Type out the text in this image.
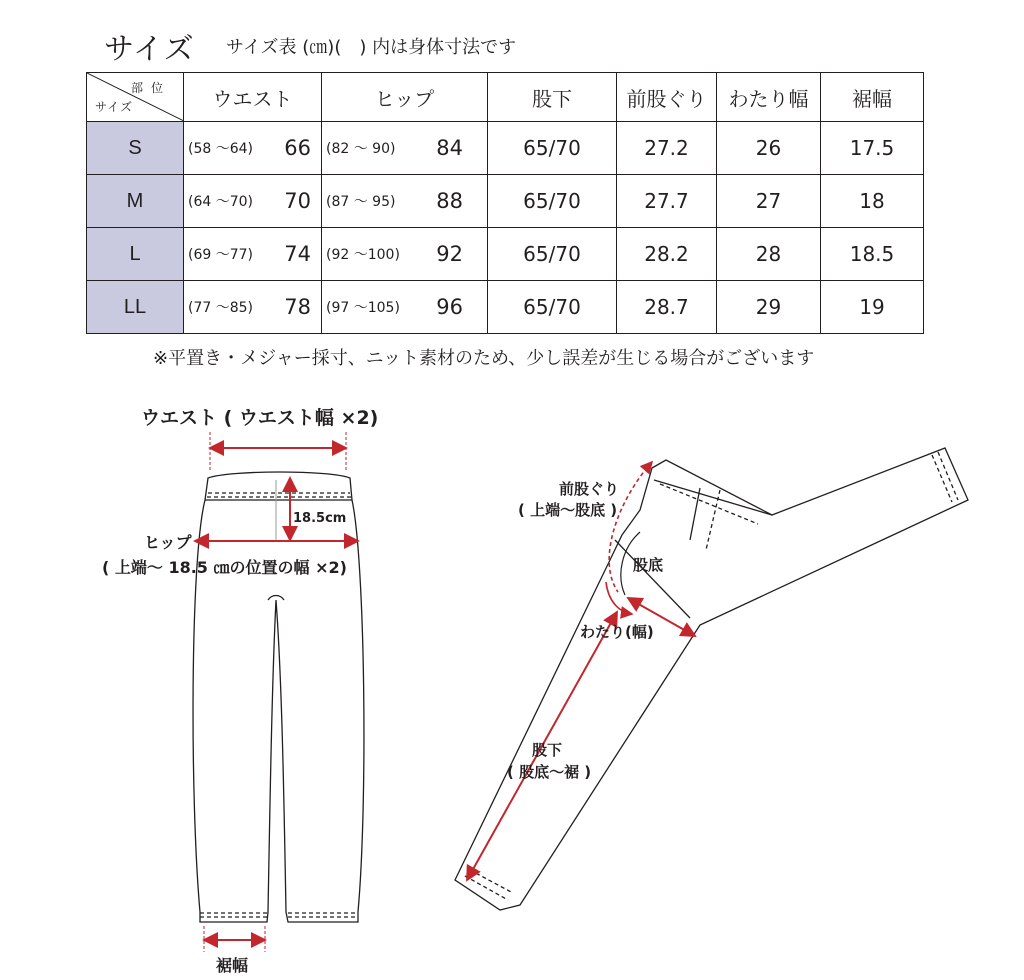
サイズ サイズ表 (㎝)(　) 内は身体寸法です
部位
サイズ	ウエスト	ヒップ	股下	前股ぐり	わたり幅	裾幅
S	(58 ～64) 66	(82 ～ 90) 84	65/70	27.2	26	17.5
M	(64 ～70) 70	(87 ～ 95) 88	65/70	27.7	27	18
L	(69 ～77) 74	(92 ～100) 92	65/70	28.2	28	18.5
LL	(77 ～85) 78	(97 ～105) 96	65/70	28.7	29	19
※平置き・メジャー採寸、ニット素材のため、少し誤差が生じる場合がございます
ウエスト ( ウエスト幅 ×2)
18.5cm
ヒップ
( 上端～ 18.5 ㎝の位置の幅 ×2)
裾幅
前股ぐり
( 上端～股底 )
股底
わたり(幅)
股下
( 股底～裾 )
